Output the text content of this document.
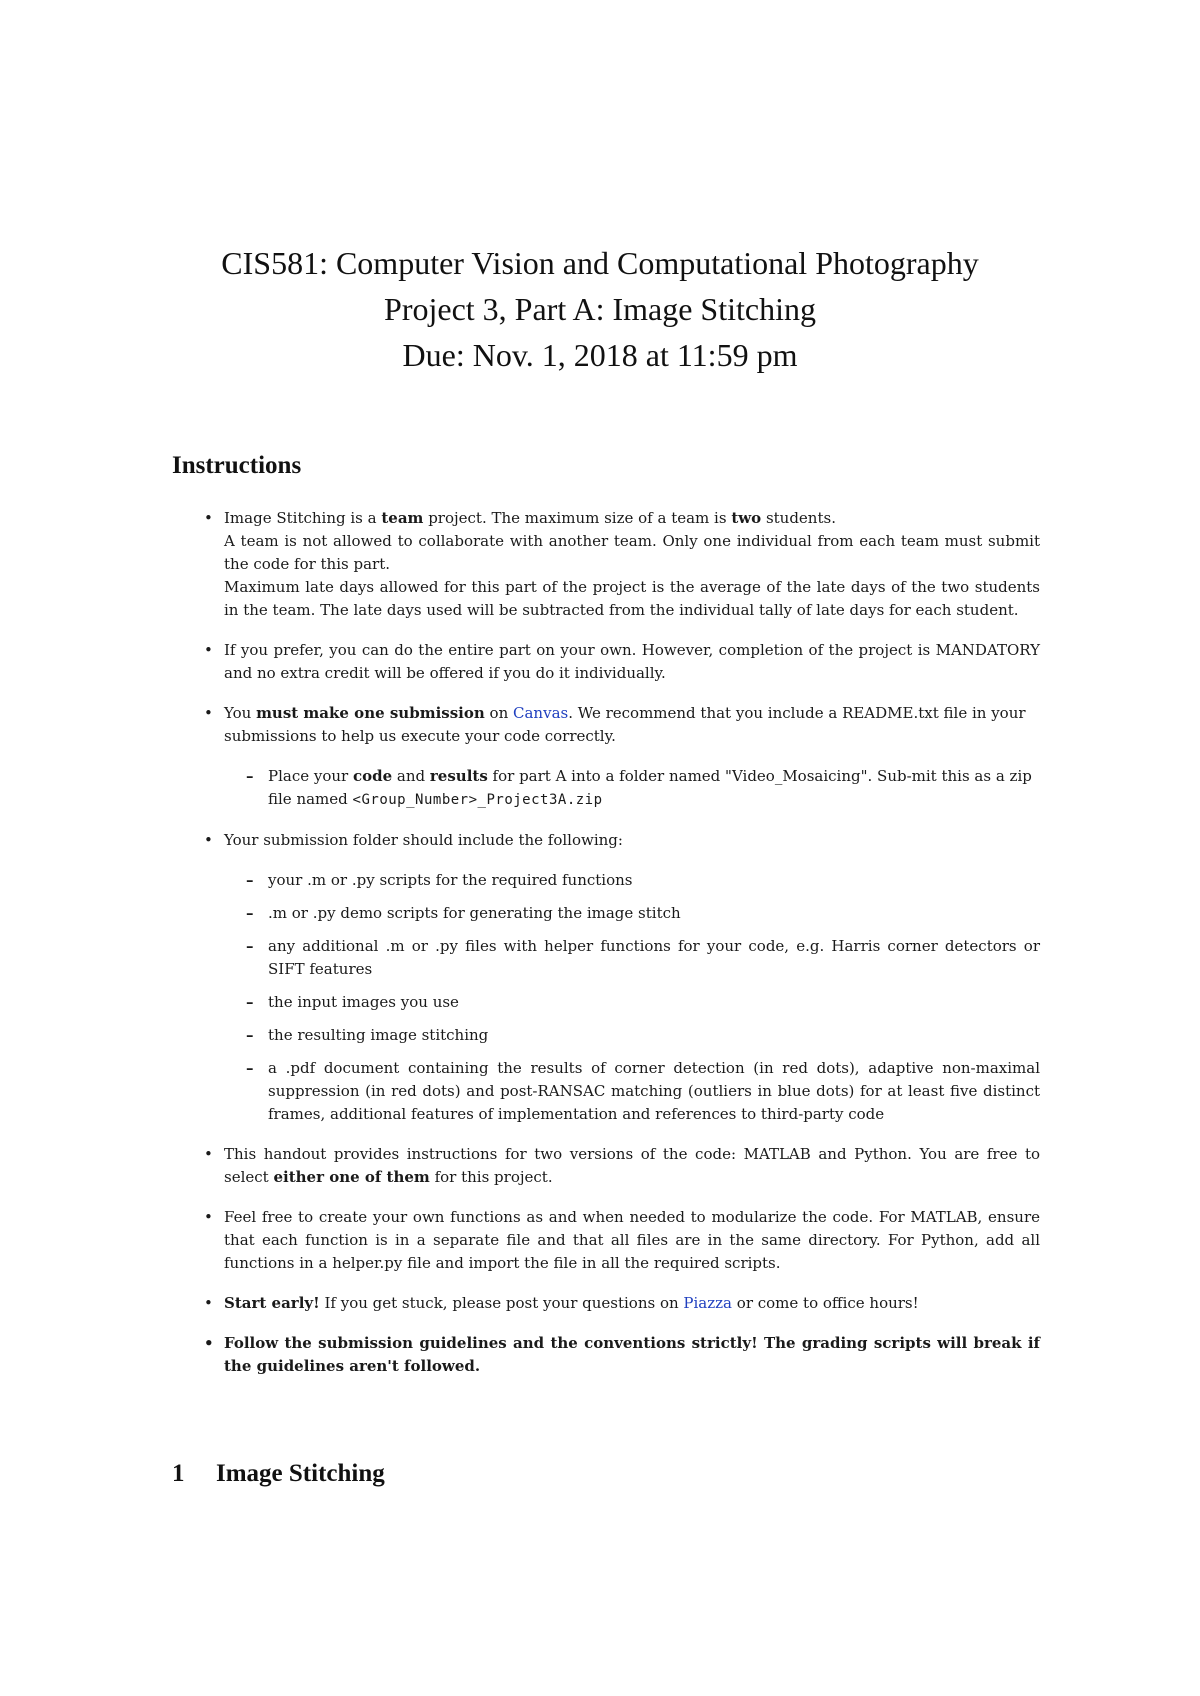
CIS581: Computer Vision and Computational Photography
Project 3, Part A: Image Stitching
Due: Nov. 1, 2018 at 11:59 pm
Instructions
• Image Stitching is a team project. The maximum size of a team is two students.
A team is not allowed to collaborate with another team. Only one individual from each team must submit the code for this part.
Maximum late days allowed for this part of the project is the average of the late days of the two students in the team. The late days used will be subtracted from the individual tally of late days for each student.
• If you prefer, you can do the entire part on your own. However, completion of the project is MANDATORY and no extra credit will be offered if you do it individually.
• You must make one submission on Canvas. We recommend that you include a README.txt file in your submissions to help us execute your code correctly.
– Place your code and results for part A into a folder named "Video_Mosaicing". Sub-mit this as a zip file named <Group_Number>_Project3A.zip
• Your submission folder should include the following:
– your .m or .py scripts for the required functions
– .m or .py demo scripts for generating the image stitch
– any additional .m or .py files with helper functions for your code, e.g. Harris corner detectors or SIFT features
– the input images you use
– the resulting image stitching
– a .pdf document containing the results of corner detection (in red dots), adaptive non-maximal suppression (in red dots) and post-RANSAC matching (outliers in blue dots) for at least five distinct frames, additional features of implementation and references to third-party code
• This handout provides instructions for two versions of the code: MATLAB and Python. You are free to select either one of them for this project.
• Feel free to create your own functions as and when needed to modularize the code. For MATLAB, ensure that each function is in a separate file and that all files are in the same directory. For Python, add all functions in a helper.py file and import the file in all the required scripts.
• Start early! If you get stuck, please post your questions on Piazza or come to office hours!
• Follow the submission guidelines and the conventions strictly! The grading scripts will break if the guidelines aren't followed.
1 Image Stitching
